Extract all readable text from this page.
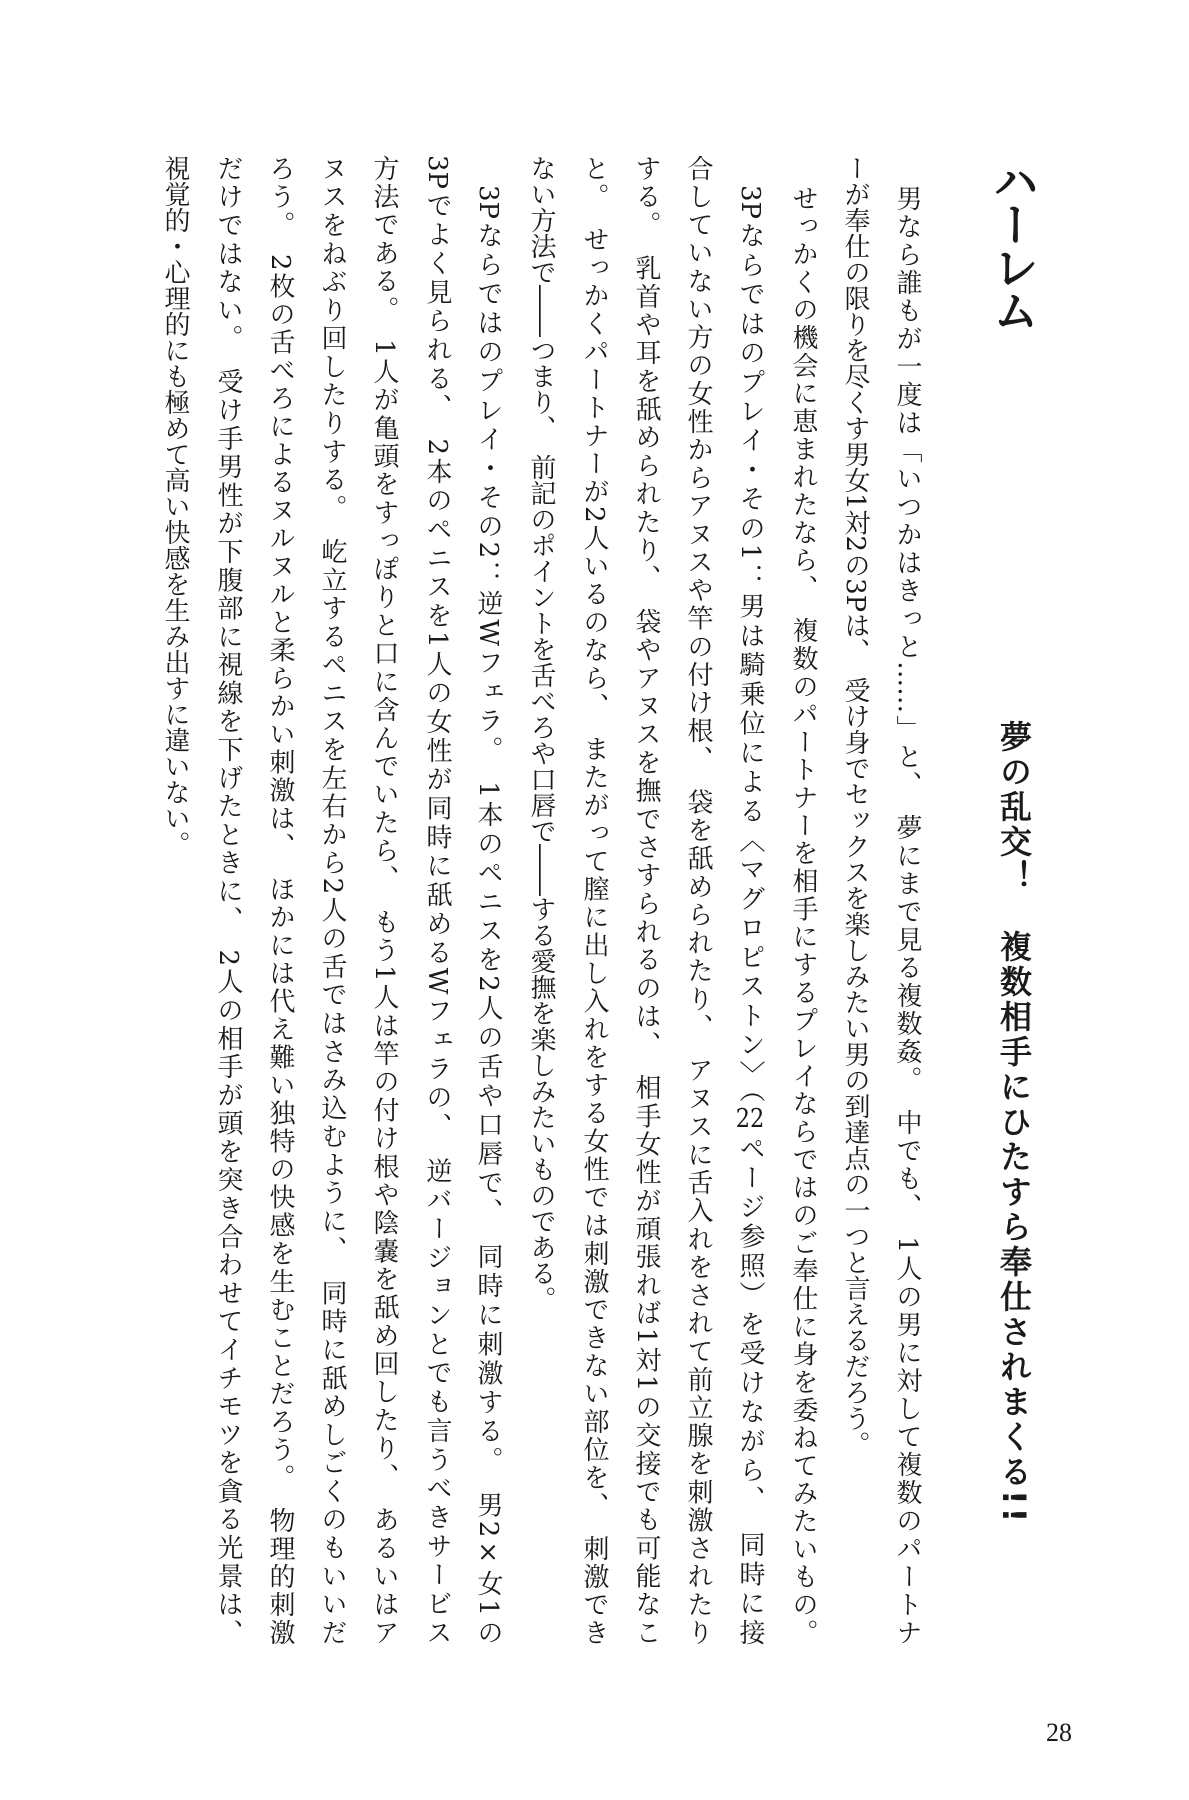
ハーレム
夢の乱交！　複数相手にひたすら奉仕されまくる!!
男なら誰もが一度は「いつかはきっと……」と、　夢にまで見る複数姦。　中でも、　1人の男に対して複数のパートナ
ーが奉仕の限りを尽くす男女1対2の3Pは、　受け身でセックスを楽しみたい男の到達点の一つと言えるだろう。
せっかくの機会に恵まれたなら、　複数のパートナーを相手にするプレイならではのご奉仕に身を委ねてみたいもの。
3Pならではのプレイ・その1：男は騎乗位による〈マグロピストン〉（22ページ参照）を受けながら、　同時に接
合していない方の女性からアヌスや竿の付け根、　袋を舐められたり、　アヌスに舌入れをされて前立腺を刺激されたり
する。　乳首や耳を舐められたり、　袋やアヌスを撫でさすられるのは、　相手女性が頑張れば1対1の交接でも可能なこ
と。　せっかくパートナーが2人いるのなら、　またがって膣に出し入れをする女性では刺激できない部位を、　刺激でき
ない方法で――つまり、　前記のポイントを舌べろや口唇で――する愛撫を楽しみたいものである。
3Pならではのプレイ・その2：逆Wフェラ。　1本のペニスを2人の舌や口唇で、　同時に刺激する。　男2×女1の
3Pでよく見られる、　2本のペニスを1人の女性が同時に舐めるWフェラの、　逆バージョンとでも言うべきサービス
方法である。　1人が亀頭をすっぽりと口に含んでいたら、　もう1人は竿の付け根や陰嚢を舐め回したり、　あるいはア
ヌスをねぶり回したりする。　屹立するペニスを左右から2人の舌ではさみ込むように、　同時に舐めしごくのもいいだ
ろう。　2枚の舌べろによるヌルヌルと柔らかい刺激は、　ほかには代え難い独特の快感を生むことだろう。　物理的刺激
だけではない。　受け手男性が下腹部に視線を下げたときに、　2人の相手が頭を突き合わせてイチモツを貪る光景は、
視覚的・心理的にも極めて高い快感を生み出すに違いない。
28
